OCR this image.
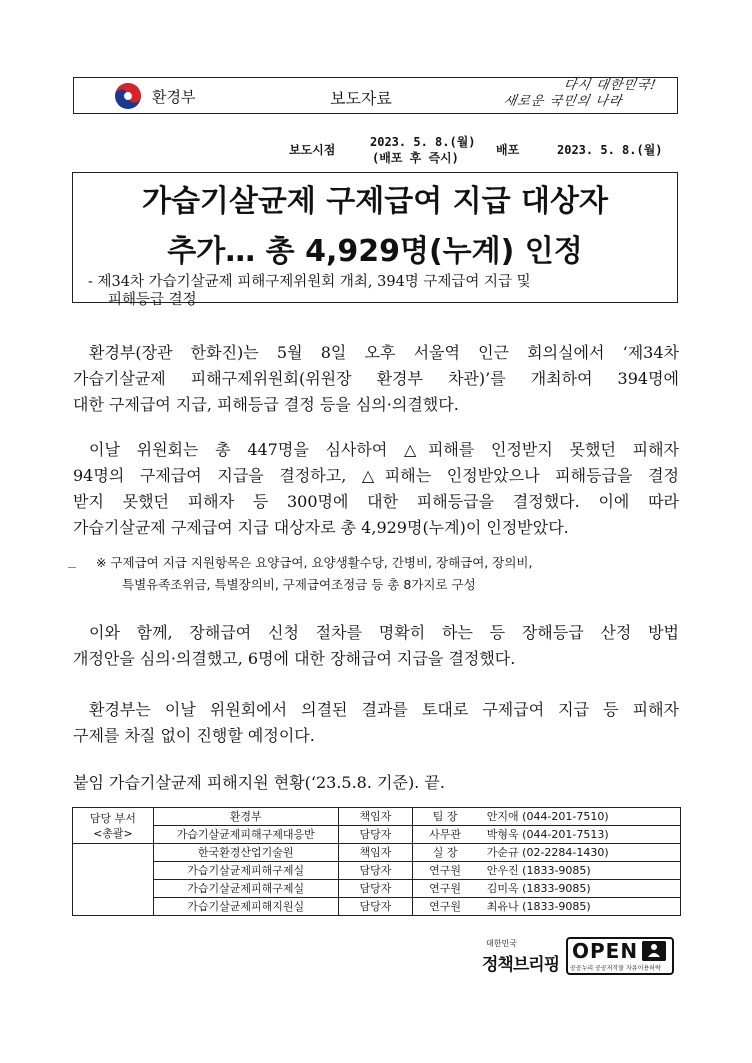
환경부	보도자료
다시 대한민국!
새로운 국민의 나라
보도시점
2023. 5. 8.(월)
(배포 후 즉시)
배포	2023. 5. 8.(월)
가습기살균제 구제급여 지급 대상자
추가… 총 4,929명(누계) 인정
- 제34차 가습기살균제 피해구제위원회 개최, 394명 구제급여 지급 및
피해등급 결정
환경부(장관 한화진)는 5월 8일 오후 서울역 인근 회의실에서 ‘제34차
가습기살균제 피해구제위원회(위원장 환경부 차관)’를 개최하여 394명에
대한 구제급여 지급, 피해등급 결정 등을 심의·의결했다.
이날 위원회는 총 447명을 심사하여 △피해를 인정받지 못했던 피해자
94명의 구제급여 지급을 결정하고, △피해는 인정받았으나 피해등급을 결정
받지 못했던 피해자 등 300명에 대한 피해등급을 결정했다. 이에 따라
가습기살균제 구제급여 지급 대상자로 총 4,929명(누계)이 인정받았다.
※ 구제급여 지급 지원항목은 요양급여, 요양생활수당, 간병비, 장해급여, 장의비,
특별유족조위금, 특별장의비, 구제급여조정금 등 총 8가지로 구성
이와 함께, 장해급여 신청 절차를 명확히 하는 등 장해등급 산정 방법
개정안을 심의·의결했고, 6명에 대한 장해급여 지급을 결정했다.
환경부는 이날 위원회에서 의결된 결과를 토대로 구제급여 지급 등 피해자
구제를 차질 없이 진행할 예정이다.
붙임 가습기살균제 피해지원 현황(‘23.5.8. 기준). 끝.
담당 부서
<총괄>	환경부	책임자	팀 장	안지애 (044-201-7510)
	가습기살균제피해구제대응반	담당자	사무관	박형욱 (044-201-7513)
	한국환경산업기술원	책임자	실 장	가순규 (02-2284-1430)
	가습기살균제피해구제실	담당자	연구원	안우진 (1833-9085)
	가습기살균제피해구제실	담당자	연구원	김미옥 (1833-9085)
	가습기살균제피해지원실	담당자	연구원	최유나 (1833-9085)
대한민국
정책브리핑
OPEN
공공누리 공공저작물 자유이용허락
